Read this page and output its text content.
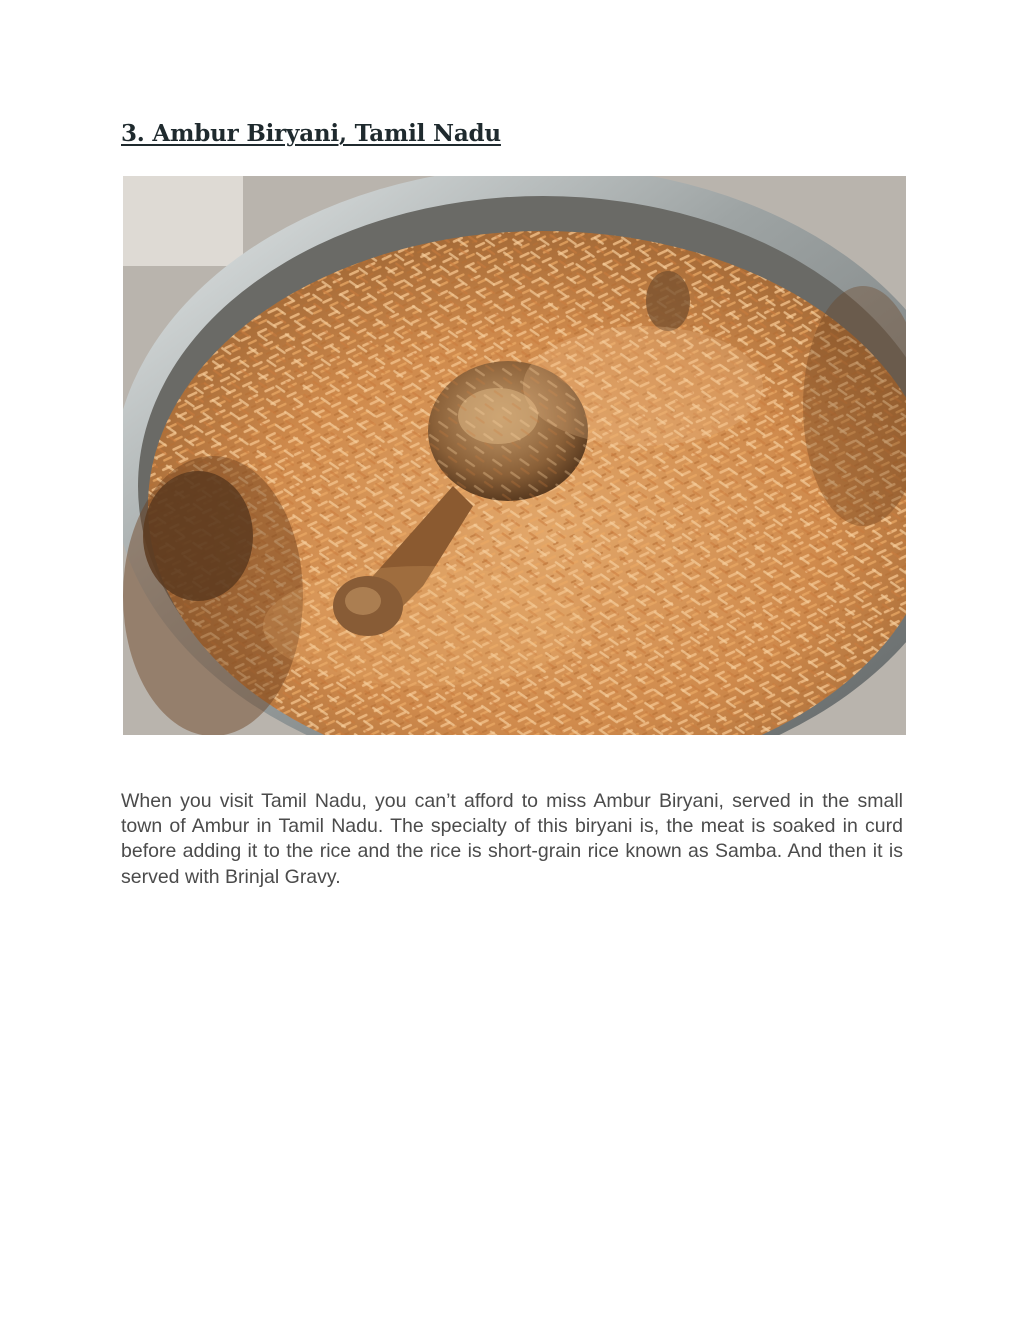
3. Ambur Biryani, Tamil Nadu

When you visit Tamil Nadu, you can’t afford to miss Ambur Biryani, served in the small town of Ambur in Tamil Nadu. The specialty of this biryani is, the meat is soaked in curd before adding it to the rice and the rice is short-grain rice known as Samba. And then it is served with Brinjal Gravy.
